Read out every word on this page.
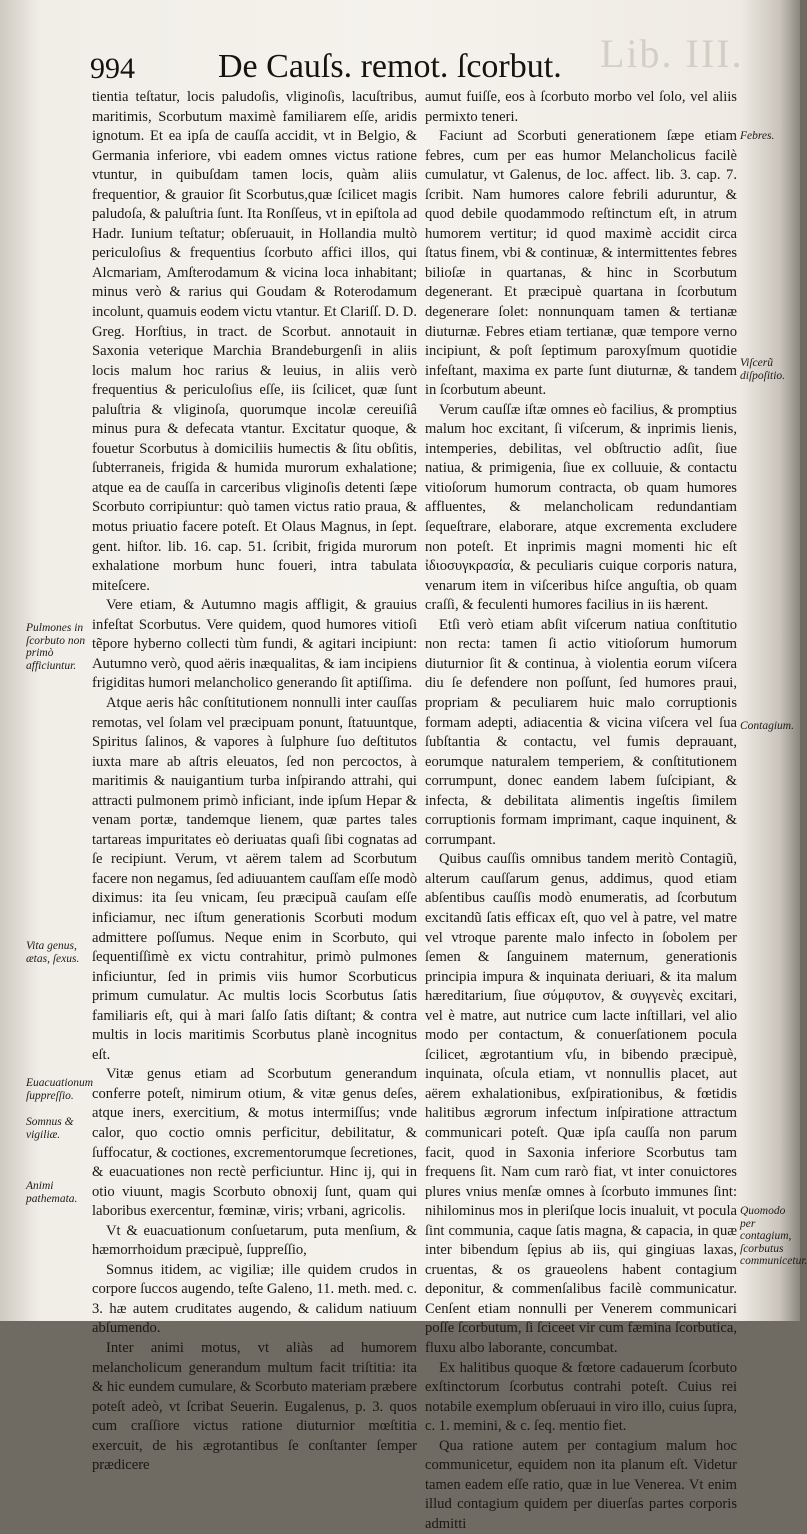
Lib. III.
994 De Cauſs. remot. ſcorbut.

tientia teſtatur, locis paludoſis, vliginoſis, lacuſtribus, maritimis, Scorbutum maximè familiarem eſſe, aridis ignotum. Et ea ipſa de cauſſa accidit, vt in Belgio, & Germania inferiore, vbi eadem omnes victus ratione vtuntur, in quibuſdam tamen locis, quàm aliis frequentior, & grauior ſit Scorbutus,quæ ſcilicet magis paludoſa, & paluſtria ſunt. Ita Ronſſeus, vt in epiſtola ad Hadr. Iunium teſtatur; obſeruauit, in Hollandia multò periculoſius & frequentius ſcorbuto affici illos, qui Alcmariam, Amſterodamum & vicina loca inhabitant; minus verò & rarius qui Goudam & Roterodamum incolunt, quamuis eodem victu vtantur. Et Clariſſ. D. D. Greg. Horſtius, in tract. de Scorbut. annotauit in Saxonia veterique Marchia Brandeburgenſi in aliis locis malum hoc rarius & leuius, in aliis verò frequentius & periculoſius eſſe, iis ſcilicet, quæ ſunt paluſtria & vliginoſa, quorumque incolæ cereuiſiâ minus pura & defecata vtantur. Excitatur quoque, & fouetur Scorbutus à domiciliis humectis & ſitu obſitis, ſubterraneis, frigida & humida murorum exhalatione; atque ea de cauſſa in carceribus vliginoſis detenti ſæpe Scorbuto corripiuntur: quò tamen victus ratio praua, & motus priuatio facere poteſt. Et Olaus Magnus, in ſept. gent. hiſtor. lib. 16. cap. 51. ſcribit, frigida murorum exhalatione morbum hunc foueri, intra tabulata miteſcere.

Vere etiam, & Autumno magis affligit, & grauius infeſtat Scorbutus. Vere quidem, quod humores vitioſi tẽpore hyberno collecti tùm fundi, & agitari incipiunt: Autumno verò, quod aëris inæqualitas, & iam incipiens frigiditas humori melancholico generando ſit aptiſſima.

Atque aeris hâc conſtitutionem nonnulli inter cauſſas remotas, vel ſolam vel præcipuam ponunt, ſtatuuntque, Spiritus ſalinos, & vapores à ſulphure ſuo deſtitutos iuxta mare ab aſtris eleuatos, ſed non percoctos, à maritimis & nauigantium turba inſpirando attrahi, qui attracti pulmonem primò inficiant, inde ipſum Hepar & venam portæ, tandemque lienem, quæ partes tales tartareas impuritates eò deriuatas quaſi ſibi cognatas ad ſe recipiunt. Verum, vt aërem talem ad Scorbutum facere non negamus, ſed adiuuantem cauſſam eſſe modò diximus: ita ſeu vnicam, ſeu præcipuã cauſam eſſe inficiamur, nec iſtum generationis Scorbuti modum admittere poſſumus. Neque enim in Scorbuto, qui ſequentiſſimè ex victu contrahitur, primò pulmones inficiuntur, ſed in primis viis humor Scorbuticus primum cumulatur. Ac multis locis Scorbutus ſatis familiaris eſt, qui à mari ſalſo ſatis diſtant; & contra multis in locis maritimis Scorbutus planè incognitus eſt.

Vitæ genus etiam ad Scorbutum generandum conferre poteſt, nimirum otium, & vitæ genus deſes, atque iners, exercitium, & motus intermiſſus; vnde calor, quo coctio omnis perficitur, debilitatur, & ſuffocatur, & coctiones, excrementorumque ſecretiones, & euacuationes non rectè perficiuntur. Hinc ij, qui in otio viuunt, magis Scorbuto obnoxij ſunt, quam qui laboribus exercentur, fœminæ, viris; vrbani, agricolis.

Vt & euacuationum conſuetarum, puta menſium, & hæmorrhoidum præcipuè, ſuppreſſio,

Somnus itidem, ac vigiliæ; ille quidem crudos in corpore ſuccos augendo, teſte Galeno, 11. meth. med. c. 3. hæ autem cruditates augendo, & calidum natiuum abſumendo.

Inter animi motus, vt aliàs ad humorem melancholicum generandum multum facit triſtitia: ita & hic eundem cumulare, & Scorbuto materiam præbere poteſt adeò, vt ſcribat Seuerin. Eugalenus, p. 3. quos cum craſſiore victus ratione diuturnior mœſtitia exercuit, de his ægrotantibus ſe conſtanter ſemper prædicere

aumut fuiſſe, eos à ſcorbuto morbo vel ſolo, vel aliis permixto teneri.

Faciunt ad Scorbuti generationem ſæpe etiam febres, cum per eas humor Melancholicus facilè cumulatur, vt Galenus, de loc. affect. lib. 3. cap. 7. ſcribit. Nam humores calore febrili aduruntur, & quod debile quodammodo reſtinctum eſt, in atrum humorem vertitur; id quod maximè accidit circa ſtatus finem, vbi & continuæ, & intermittentes febres bilioſæ in quartanas, & hinc in Scorbutum degenerant. Et præcipuè quartana in ſcorbutum degenerare ſolet: nonnunquam tamen & tertianæ diuturnæ. Febres etiam tertianæ, quæ tempore verno incipiunt, & poſt ſeptimum paroxyſmum quotidie infeſtant, maxima ex parte ſunt diuturnæ, & tandem in ſcorbutum abeunt.

Verum cauſſæ iſtæ omnes eò facilius, & promptius malum hoc excitant, ſi viſcerum, & inprimis lienis, intemperies, debilitas, vel obſtructio adſit, ſiue natiua, & primigenia, ſiue ex colluuie, & contactu vitioſorum humorum contracta, ob quam humores affluentes, & melancholicam redundantiam ſequeſtrare, elaborare, atque excrementa excludere non poteſt. Et inprimis magni momenti hic eſt ἰδιοσυγκρασία, & peculiaris cuique corporis natura, venarum item in viſceribus hiſce anguſtia, ob quam craſſi, & feculenti humores facilius in iis hærent.

Etſi verò etiam abſit viſcerum natiua conſtitutio non recta: tamen ſi actio vitioſorum humorum diuturnior ſit & continua, à violentia eorum viſcera diu ſe defendere non poſſunt, ſed humores praui, propriam & peculiarem huic malo corruptionis formam adepti, adiacentia & vicina viſcera vel ſua ſubſtantia & contactu, vel fumis deprauant, eorumque naturalem temperiem, & conſtitutionem corrumpunt, donec eandem labem ſuſcipiant, & infecta, & debilitata alimentis ingeſtis ſimilem corruptionis formam imprimant, caque inquinent, & corrumpant.

Quibus cauſſis omnibus tandem meritò Contagiũ, alterum cauſſarum genus, addimus, quod etiam abſentibus cauſſis modò enumeratis, ad ſcorbutum excitandũ ſatis efficax eſt, quo vel à patre, vel matre vel vtroque parente malo infecto in ſobolem per ſemen & ſanguinem maternum, generationis principia impura & inquinata deriuari, & ita malum hæreditarium, ſiue σύμφυτον, & συγγενὲς excitari, vel è matre, aut nutrice cum lacte inſtillari, vel alio modo per contactum, & conuerſationem pocula ſcilicet, ægrotantium vſu, in bibendo præcipuè, inquinata, oſcula etiam, vt nonnullis placet, aut aërem exhalationibus, exſpirationibus, & fœtidis halitibus ægrorum infectum inſpiratione attractum communicari poteſt. Quæ ipſa cauſſa non parum facit, quod in Saxonia inferiore Scorbutus tam frequens ſit. Nam cum rarò fiat, vt inter conuictores plures vnius menſæ omnes à ſcorbuto immunes ſint: nihilominus mos in pleriſque locis inualuit, vt pocula ſint communia, caque ſatis magna, & capacia, in quæ inter bibendum ſępius ab iis, qui gingiuas laxas, cruentas, & os graueolens habent contagium deponitur, & commenſalibus facilè communicatur. Cenſent etiam nonnulli per Venerem communicari poſſe ſcorbutum, ſi ſciceet vir cum fæmina ſcorbutica, fluxu albo laborante, concumbat.

Ex halitibus quoque & fœtore cadauerum ſcorbuto exſtinctorum ſcorbutus contrahi poteſt. Cuius rei notabile exemplum obſeruaui in viro illo, cuius ſupra, c. 1. memini, & c. ſeq. mentio fiet.

Qua ratione autem per contagium malum hoc communicetur, equidem non ita planum eſt. Videtur tamen eadem eſſe ratio, quæ in lue Venerea. Vt enim illud contagium quidem per diuerſas partes corporis admitti

Pulmones in ſcorbuto non primò afficiuntur.
Vita genus, ætas, ſexus.
Euacuationum ſuppreſſio.
Somnus & vigiliæ.
Animi pathemata.
Febres.
Viſcerũ diſpoſitio.
Contagium.
Quomodo per contagium, ſcorbutus communicetur.
